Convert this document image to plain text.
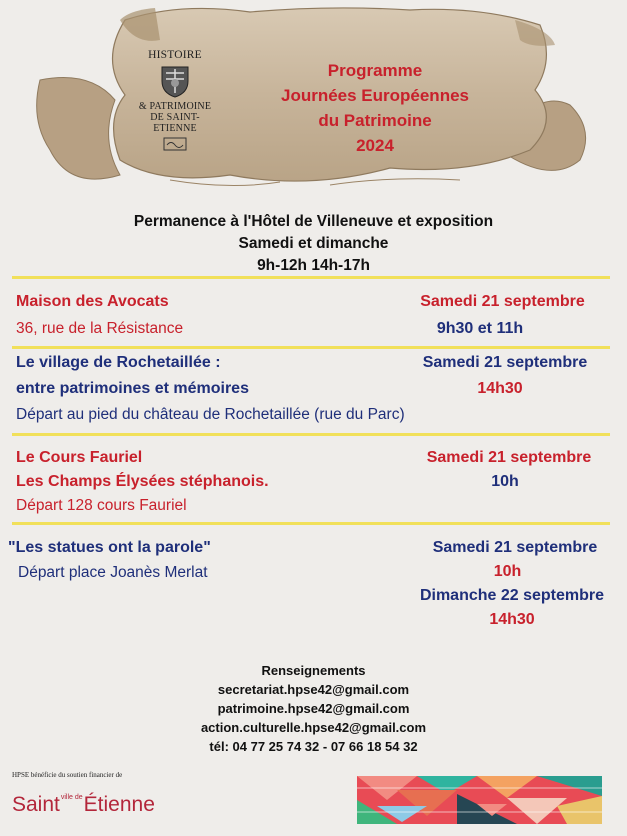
HISTOIRE
& PATRIMOINE
DE SAINT-ETIENNE
Programme
Journées Européennes
du Patrimoine
2024
Permanence à l'Hôtel de Villeneuve et exposition
Samedi et dimanche
9h-12h 14h-17h
Maison des Avocats
36, rue de la Résistance
Samedi 21 septembre
9h30 et 11h
Le village de Rochetaillée :
entre patrimoines et mémoires
Départ au pied du château de Rochetaillée (rue du Parc)
Samedi 21 septembre
14h30
Le Cours Fauriel
Les Champs Élysées stéphanois.
Départ 128 cours Fauriel
Samedi 21 septembre
10h
"Les statues ont la parole"
Départ place Joanès Merlat
Samedi 21 septembre
10h
Dimanche 22 septembre
14h30
Renseignements
secretariat.hpse42@gmail.com
patrimoine.hpse42@gmail.com
action.culturelle.hpse42@gmail.com
tél: 04 77 25 74 32 - 07 66 18 54 32
HPSE bénéficie du soutien financier de
Saint$^{ville de}$Étienne
